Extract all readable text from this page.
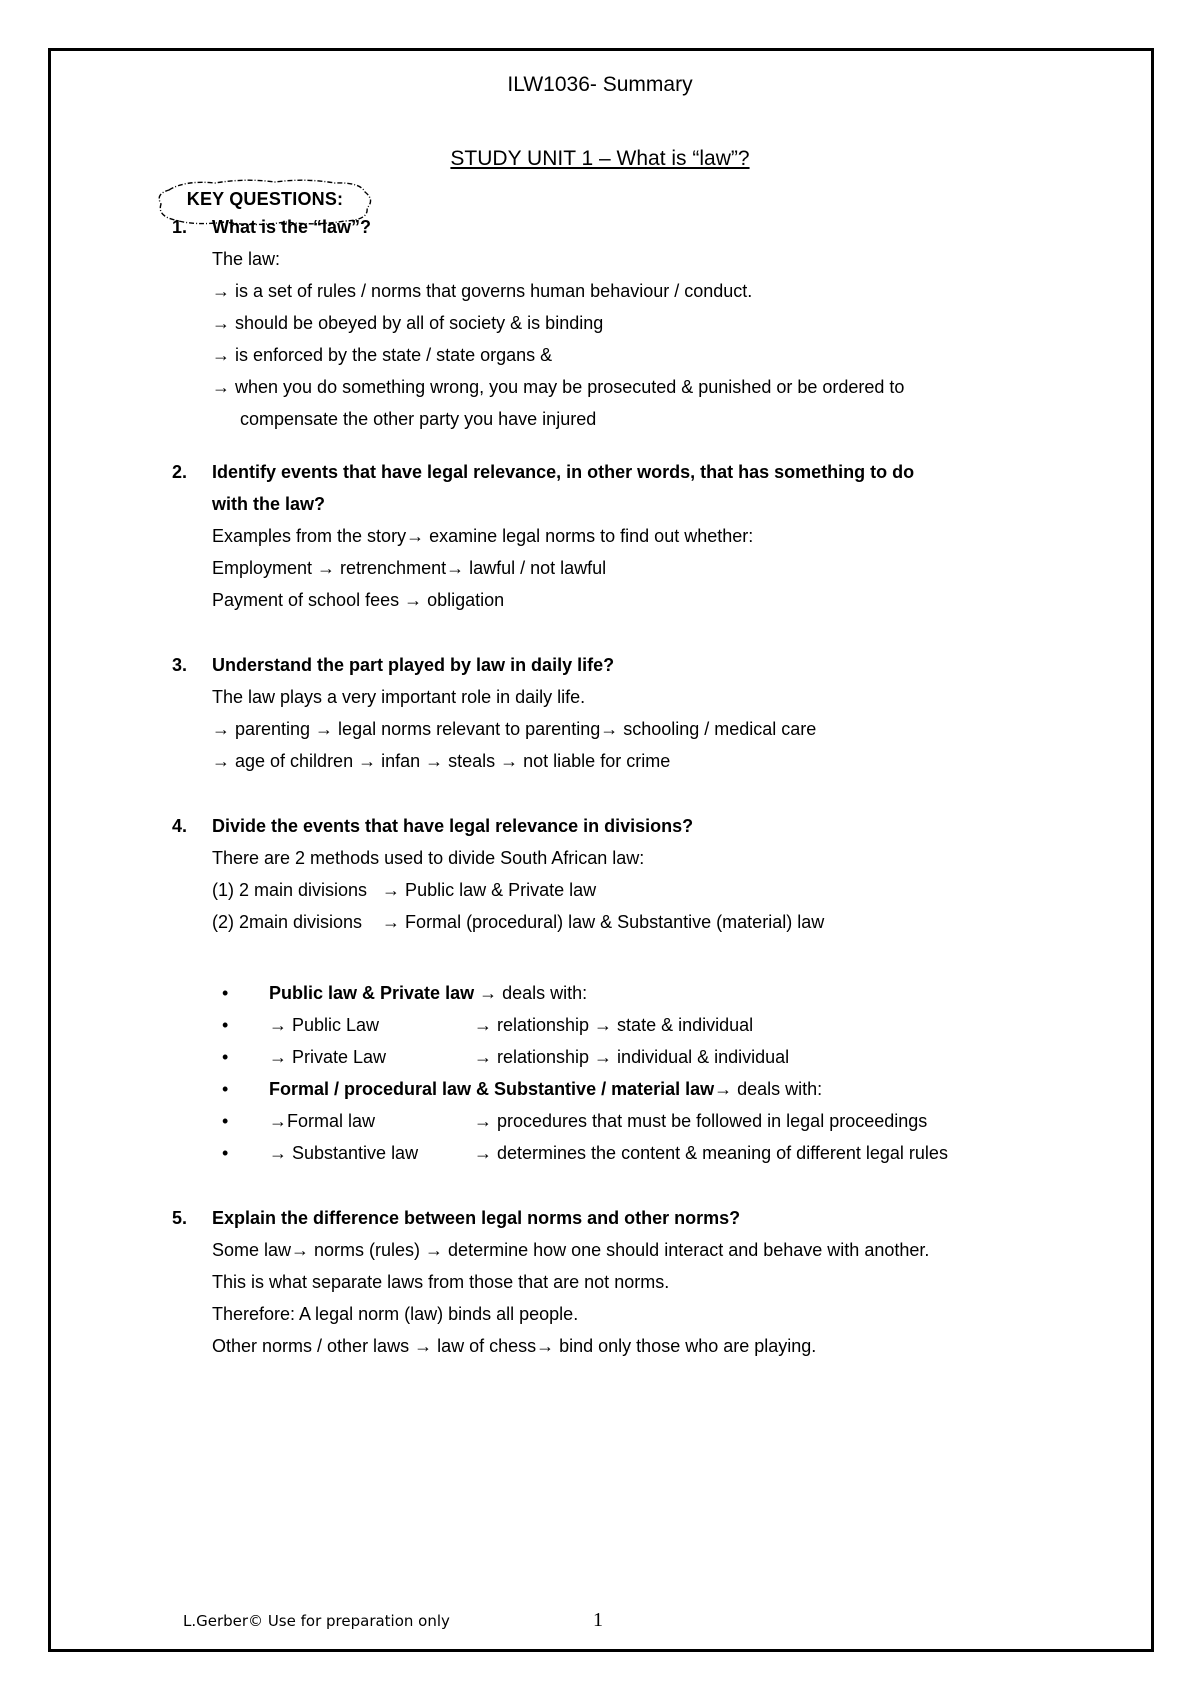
ILW1036- Summary
STUDY UNIT 1 – What is “law”?
KEY QUESTIONS:
1. What is the “law”?
The law:
→ is a set of rules / norms that governs human behaviour / conduct.
→ should be obeyed by all of society & is binding
→ is enforced by the state / state organs &
→ when you do something wrong, you may be prosecuted & punished or be ordered to
compensate the other party you have injured
2. Identify events that have legal relevance, in other words, that has something to do
with the law?
Examples from the story→ examine legal norms to find out whether:
Employment → retrenchment→ lawful / not lawful
Payment of school fees → obligation
3. Understand the part played by law in daily life?
The law plays a very important role in daily life.
→ parenting → legal norms relevant to parenting→ schooling / medical care
→ age of children → infan → steals → not liable for crime
4. Divide the events that have legal relevance in divisions?
There are 2 methods used to divide South African law:
(1) 2 main divisions   → Public law & Private law
(2) 2main divisions    → Formal (procedural) law & Substantive (material) law
• Public law & Private law → deals with:
• → Public Law	→ relationship → state & individual
• → Private Law	→ relationship → individual & individual
• Formal / procedural law & Substantive / material law→ deals with:
• →Formal law	→ procedures that must be followed in legal proceedings
• → Substantive law	→ determines the content & meaning of different legal rules
5. Explain the difference between legal norms and other norms?
Some law→ norms (rules) → determine how one should interact and behave with another.
This is what separate laws from those that are not norms.
Therefore: A legal norm (law) binds all people.
Other norms / other laws → law of chess→ bind only those who are playing.
L.Gerber© Use for preparation only	1
